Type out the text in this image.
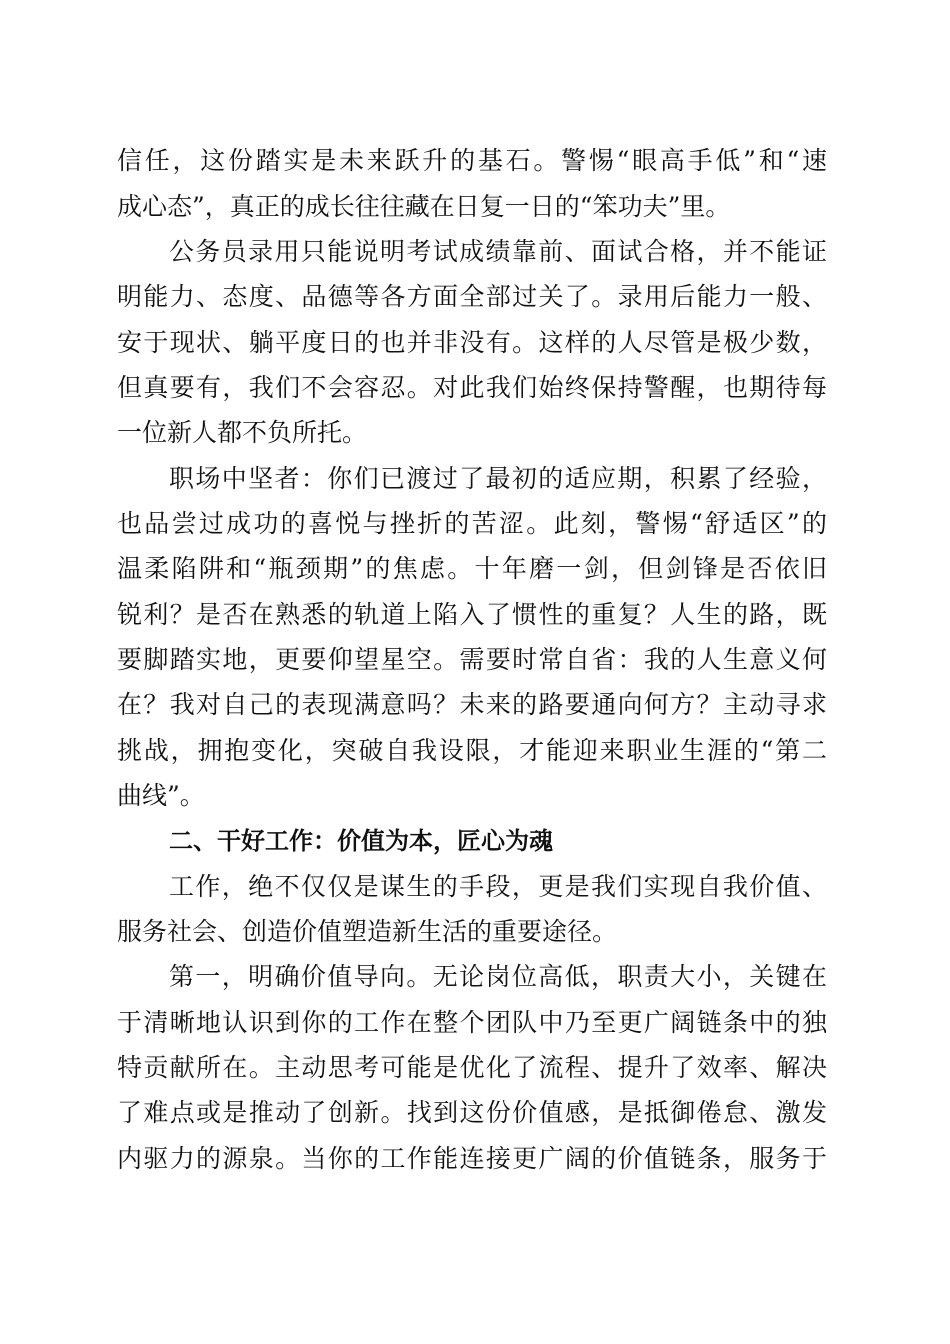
信任，这份踏实是未来跃升的基石。警惕“眼高手低”和“速
成心态”，真正的成长往往藏在日复一日的“笨功夫”里。
公务员录用只能说明考试成绩靠前、面试合格，并不能证
明能力、态度、品德等各方面全部过关了。录用后能力一般、
安于现状、躺平度日的也并非没有。这样的人尽管是极少数，
但真要有，我们不会容忍。对此我们始终保持警醒，也期待每
一位新人都不负所托。
职场中坚者：你们已渡过了最初的适应期，积累了经验，
也品尝过成功的喜悦与挫折的苦涩。此刻，警惕“舒适区”的
温柔陷阱和“瓶颈期”的焦虑。十年磨一剑，但剑锋是否依旧
锐利？是否在熟悉的轨道上陷入了惯性的重复？人生的路，既
要脚踏实地，更要仰望星空。需要时常自省：我的人生意义何
在？我对自己的表现满意吗？未来的路要通向何方？主动寻求
挑战，拥抱变化，突破自我设限，才能迎来职业生涯的“第二
曲线”。
二、干好工作：价值为本，匠心为魂
工作，绝不仅仅是谋生的手段，更是我们实现自我价值、
服务社会、创造价值塑造新生活的重要途径。
第一，明确价值导向。无论岗位高低，职责大小，关键在
于清晰地认识到你的工作在整个团队中乃至更广阔链条中的独
特贡献所在。主动思考可能是优化了流程、提升了效率、解决
了难点或是推动了创新。找到这份价值感，是抵御倦怠、激发
内驱力的源泉。当你的工作能连接更广阔的价值链条，服务于
